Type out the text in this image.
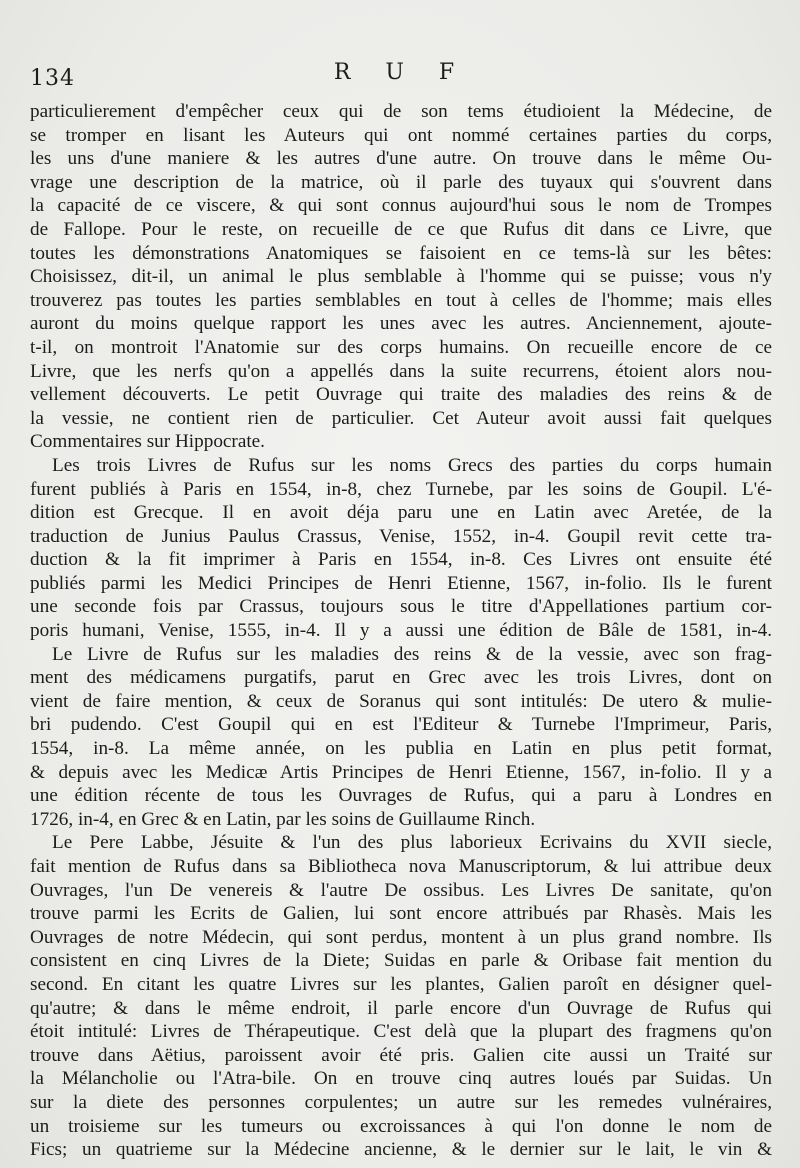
134	R U F
particulierement d'empêcher ceux qui de son tems étudioient la Médecine, de
se tromper en lisant les Auteurs qui ont nommé certaines parties du corps,
les uns d'une maniere & les autres d'une autre. On trouve dans le même Ou-
vrage une description de la matrice, où il parle des tuyaux qui s'ouvrent dans
la capacité de ce viscere, & qui sont connus aujourd'hui sous le nom de Trompes
de Fallope. Pour le reste, on recueille de ce que Rufus dit dans ce Livre, que
toutes les démonstrations Anatomiques se faisoient en ce tems-là sur les bêtes:
Choisissez, dit-il, un animal le plus semblable à l'homme qui se puisse; vous n'y
trouverez pas toutes les parties semblables en tout à celles de l'homme; mais elles
auront du moins quelque rapport les unes avec les autres. Anciennement, ajoute-
t-il, on montroit l'Anatomie sur des corps humains. On recueille encore de ce
Livre, que les nerfs qu'on a appellés dans la suite recurrens, étoient alors nou-
vellement découverts. Le petit Ouvrage qui traite des maladies des reins & de
la vessie, ne contient rien de particulier. Cet Auteur avoit aussi fait quelques
Commentaires sur Hippocrate.
Les trois Livres de Rufus sur les noms Grecs des parties du corps humain
furent publiés à Paris en 1554, in-8, chez Turnebe, par les soins de Goupil. L'é-
dition est Grecque. Il en avoit déja paru une en Latin avec Aretée, de la
traduction de Junius Paulus Crassus, Venise, 1552, in-4. Goupil revit cette tra-
duction & la fit imprimer à Paris en 1554, in-8. Ces Livres ont ensuite été
publiés parmi les Medici Principes de Henri Etienne, 1567, in-folio. Ils le furent
une seconde fois par Crassus, toujours sous le titre d'Appellationes partium cor-
poris humani, Venise, 1555, in-4. Il y a aussi une édition de Bâle de 1581, in-4.
Le Livre de Rufus sur les maladies des reins & de la vessie, avec son frag-
ment des médicamens purgatifs, parut en Grec avec les trois Livres, dont on
vient de faire mention, & ceux de Soranus qui sont intitulés: De utero & mulie-
bri pudendo. C'est Goupil qui en est l'Editeur & Turnebe l'Imprimeur, Paris,
1554, in-8. La même année, on les publia en Latin en plus petit format,
& depuis avec les Medicæ Artis Principes de Henri Etienne, 1567, in-folio. Il y a
une édition récente de tous les Ouvrages de Rufus, qui a paru à Londres en
1726, in-4, en Grec & en Latin, par les soins de Guillaume Rinch.
Le Pere Labbe, Jésuite & l'un des plus laborieux Ecrivains du XVII siecle,
fait mention de Rufus dans sa Bibliotheca nova Manuscriptorum, & lui attribue deux
Ouvrages, l'un De venereis & l'autre De ossibus. Les Livres De sanitate, qu'on
trouve parmi les Ecrits de Galien, lui sont encore attribués par Rhasès. Mais les
Ouvrages de notre Médecin, qui sont perdus, montent à un plus grand nombre. Ils
consistent en cinq Livres de la Diete; Suidas en parle & Oribase fait mention du
second. En citant les quatre Livres sur les plantes, Galien paroît en désigner quel-
qu'autre; & dans le même endroit, il parle encore d'un Ouvrage de Rufus qui
étoit intitulé: Livres de Thérapeutique. C'est delà que la plupart des fragmens qu'on
trouve dans Aëtius, paroissent avoir été pris. Galien cite aussi un Traité sur
la Mélancholie ou l'Atra-bile. On en trouve cinq autres loués par Suidas. Un
sur la diete des personnes corpulentes; un autre sur les remedes vulnéraires,
un troisieme sur les tumeurs ou excroissances à qui l'on donne le nom de
Fics; un quatrieme sur la Médecine ancienne, & le dernier sur le lait, le vin &
